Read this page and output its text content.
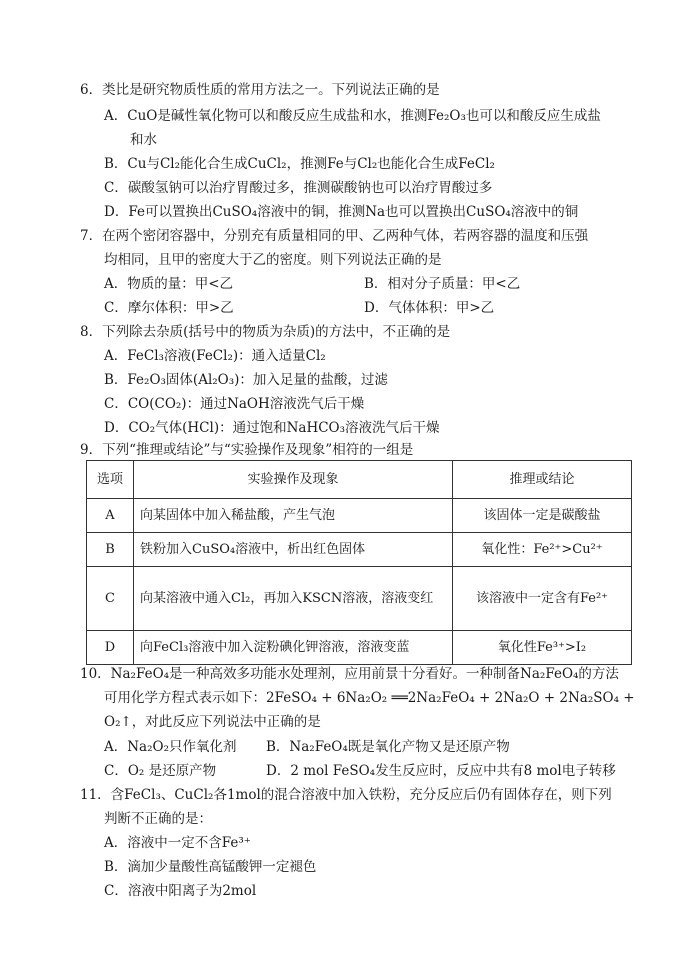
6．类比是研究物质性质的常用方法之一。下列说法正确的是
A．CuO是碱性氧化物可以和酸反应生成盐和水，推测Fe₂O₃也可以和酸反应生成盐
和水
B．Cu与Cl₂能化合生成CuCl₂，推测Fe与Cl₂也能化合生成FeCl₂
C．碳酸氢钠可以治疗胃酸过多，推测碳酸钠也可以治疗胃酸过多
D．Fe可以置换出CuSO₄溶液中的铜，推测Na也可以置换出CuSO₄溶液中的铜
7．在两个密闭容器中，分别充有质量相同的甲、乙两种气体，若两容器的温度和压强
均相同，且甲的密度大于乙的密度。则下列说法正确的是
A．物质的量：甲<乙	B．相对分子质量：甲<乙
C．摩尔体积：甲>乙	D．气体体积：甲>乙
8．下列除去杂质(括号中的物质为杂质)的方法中，不正确的是
A．FeCl₃溶液(FeCl₂)：通入适量Cl₂
B．Fe₂O₃固体(Al₂O₃)：加入足量的盐酸，过滤
C．CO(CO₂)：通过NaOH溶液洗气后干燥
D．CO₂气体(HCl)：通过饱和NaHCO₃溶液洗气后干燥
9．下列“推理或结论”与“实验操作及现象”相符的一组是
选项	实验操作及现象	推理或结论
A	向某固体中加入稀盐酸，产生气泡	该固体一定是碳酸盐
B	铁粉加入CuSO₄溶液中，析出红色固体	氧化性：Fe²⁺>Cu²⁺
C	向某溶液中通入Cl₂，再加入KSCN溶液，溶液变红	该溶液中一定含有Fe²⁺
D	向FeCl₃溶液中加入淀粉碘化钾溶液，溶液变蓝	氧化性Fe³⁺>I₂
10．Na₂FeO₄是一种高效多功能水处理剂，应用前景十分看好。一种制备Na₂FeO₄的方法
可用化学方程式表示如下：2FeSO₄ + 6Na₂O₂ ══2Na₂FeO₄ + 2Na₂O + 2Na₂SO₄ +
O₂↑，对此反应下列说法中正确的是
A．Na₂O₂只作氧化剂 B．Na₂FeO₄既是氧化产物又是还原产物
C．O₂ 是还原产物	D．2 mol FeSO₄发生反应时，反应中共有8 mol电子转移
11．含FeCl₃、CuCl₂各1mol的混合溶液中加入铁粉，充分反应后仍有固体存在，则下列
判断不正确的是：
A．溶液中一定不含Fe³⁺
B．滴加少量酸性高锰酸钾一定褪色
C．溶液中阳离子为2mol
